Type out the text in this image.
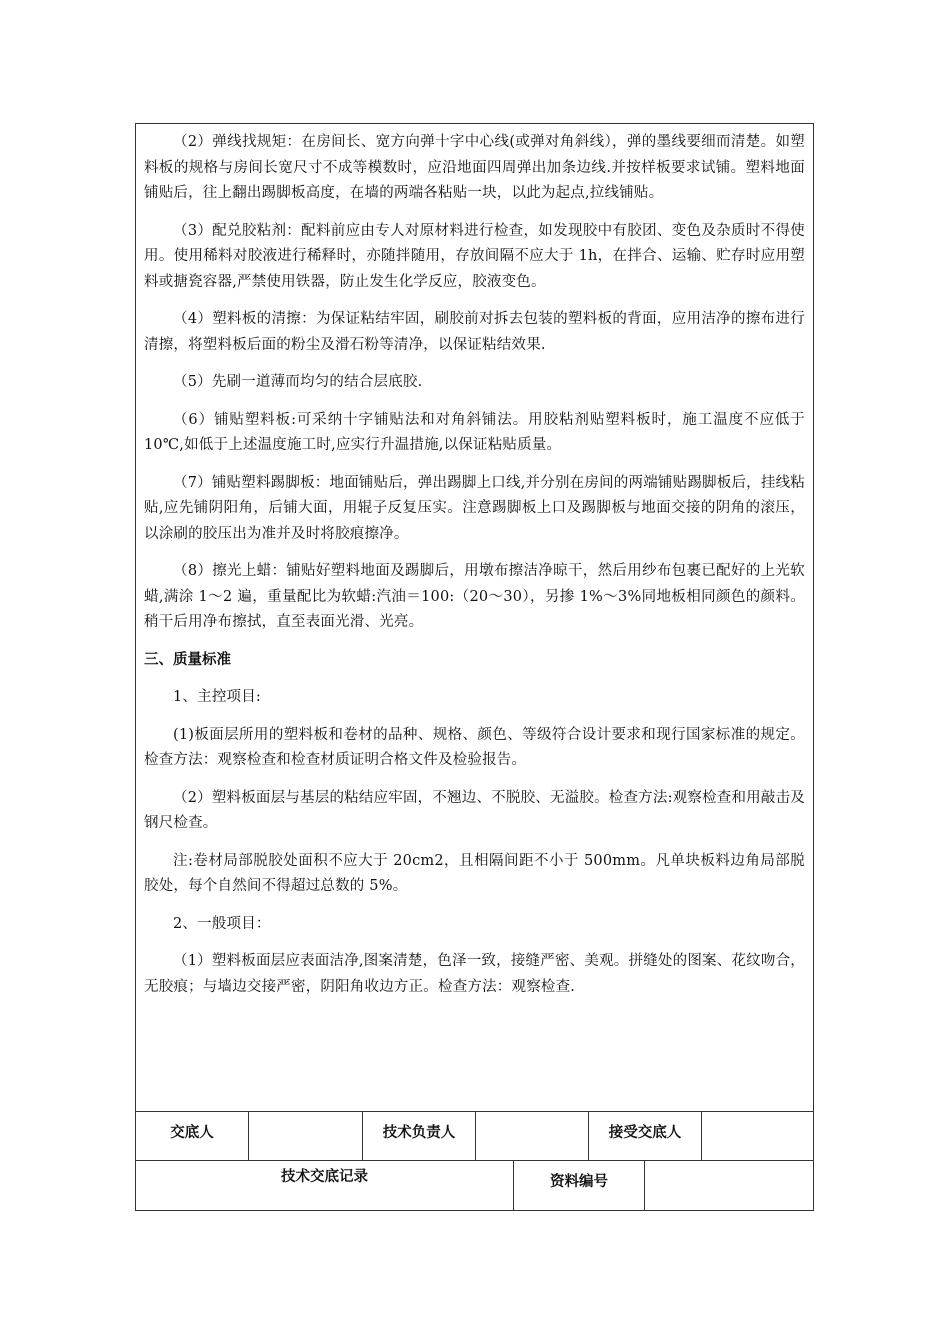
（2）弹线找规矩：在房间长、宽方向弹十字中心线(或弹对角斜线），弹的墨线要细而清楚。如塑料板的规格与房间长宽尺寸不成等模数时，应沿地面四周弹出加条边线.并按样板要求试铺。塑料地面铺贴后，往上翻出踢脚板高度，在墙的两端各粘贴一块，以此为起点,拉线铺贴。

（3）配兑胶粘剂：配料前应由专人对原材料进行检查，如发现胶中有胶团、变色及杂质时不得使用。使用稀料对胶液进行稀释时，亦随拌随用，存放间隔不应大于 1h，在拌合、运输、贮存时应用塑料或搪瓷容器,严禁使用铁器，防止发生化学反应，胶液变色。

（4）塑料板的清擦：为保证粘结牢固，刷胶前对拆去包装的塑料板的背面，应用洁净的擦布进行清擦，将塑料板后面的粉尘及滑石粉等清净，以保证粘结效果.

（5）先刷一道薄而均匀的结合层底胶.

（6）铺贴塑料板:可采纳十字铺贴法和对角斜铺法。用胶粘剂贴塑料板时，施工温度不应低于 10℃,如低于上述温度施工时,应实行升温措施,以保证粘贴质量。

（7）铺贴塑料踢脚板：地面铺贴后，弹出踢脚上口线,并分别在房间的两端铺贴踢脚板后，挂线粘贴,应先铺阴阳角，后铺大面，用辊子反复压实。注意踢脚板上口及踢脚板与地面交接的阴角的滚压，以涂刷的胶压出为准并及时将胶痕擦净。

（8）擦光上蜡：铺贴好塑料地面及踢脚后，用墩布擦洁净晾干，然后用纱布包裹已配好的上光软蜡,满涂 1～2 遍，重量配比为软蜡:汽油＝100:（20～30），另掺 1%～3%同地板相同颜色的颜料。稍干后用净布擦拭，直至表面光滑、光亮。

三、质量标准

1、主控项目:

(1)板面层所用的塑料板和卷材的品种、规格、颜色、等级符合设计要求和现行国家标准的规定。检查方法：观察检查和检查材质证明合格文件及检验报告。

（2）塑料板面层与基层的粘结应牢固，不翘边、不脱胶、无溢胶。检查方法:观察检查和用敲击及钢尺检查。

注:卷材局部脱胶处面积不应大于 20cm2，且相隔间距不小于 500mm。凡单块板料边角局部脱胶处，每个自然间不得超过总数的 5%。

2、一般项目：

（1）塑料板面层应表面洁净,图案清楚，色泽一致，接缝严密、美观。拼缝处的图案、花纹吻合，无胶痕；与墙边交接严密，阴阳角收边方正。检查方法：观察检查.

交底人	技术负责人	接受交底人
技术交底记录	资料编号
